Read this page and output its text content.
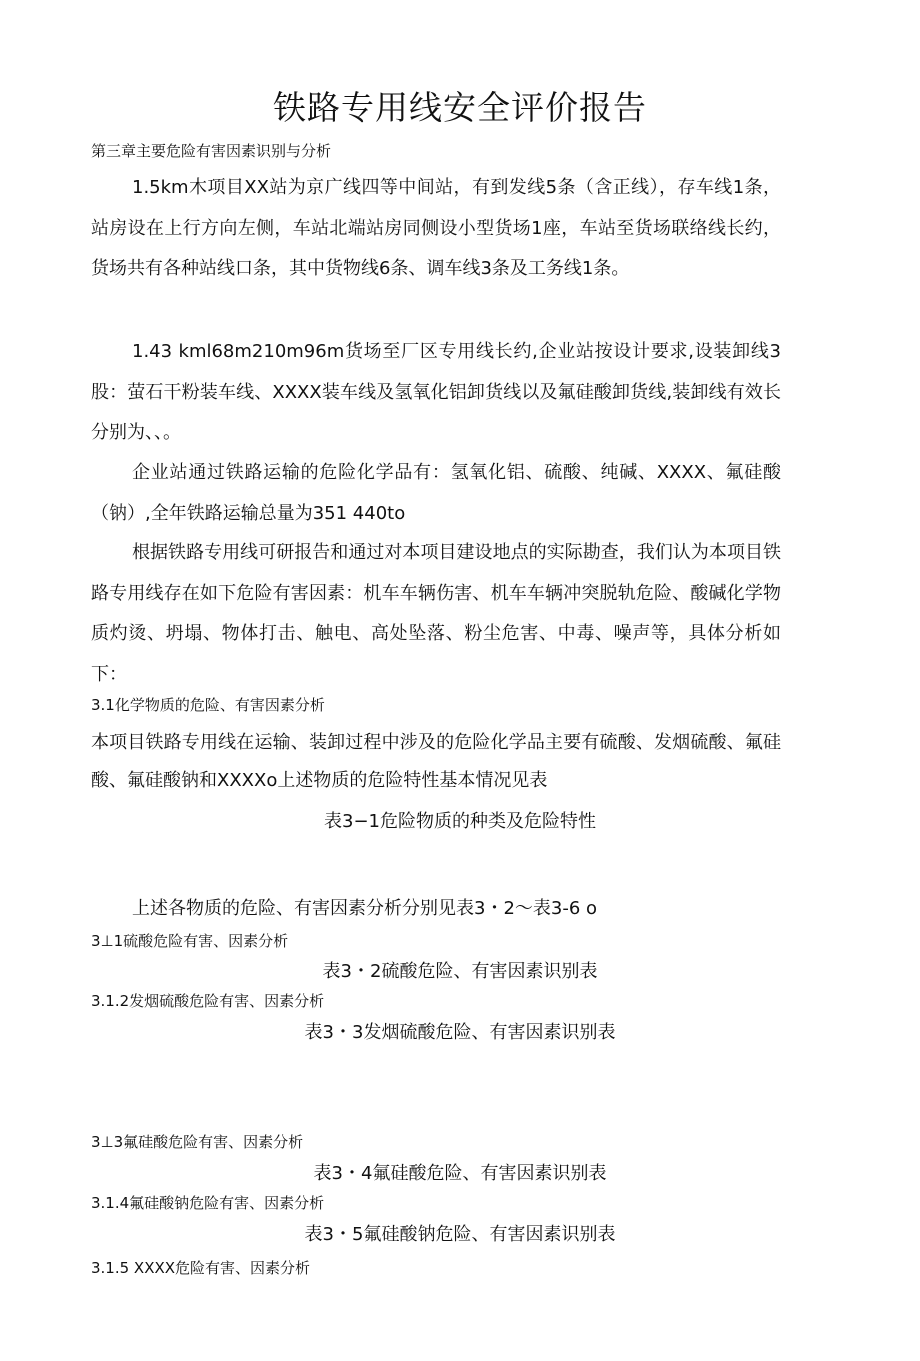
铁路专用线安全评价报告

第三章主要危险有害因素识别与分析

1.5km木项目XX站为京广线四等中间站，有到发线5条（含正线），存车线1条，站房设在上行方向左侧，车站北端站房同侧设小型货场1座，车站至货场联络线长约，货场共有各种站线口条，其中货物线6条、调车线3条及工务线1条。

1.43 kml68m210m96m货场至厂区专用线长约,企业站按设计要求,设装卸线3股：萤石干粉装车线、XXXX装车线及氢氧化铝卸货线以及氟硅酸卸货线,装卸线有效长分别为、、。

企业站通过铁路运输的危险化学品有：氢氧化铝、硫酸、纯碱、XXXX、氟硅酸（钠）,全年铁路运输总量为351 440to

根据铁路专用线可研报告和通过对本项目建设地点的实际勘查，我们认为本项目铁路专用线存在如下危险有害因素：机车车辆伤害、机车车辆冲突脱轨危险、酸碱化学物质灼烫、坍塌、物体打击、触电、高处坠落、粉尘危害、中毒、噪声等，具体分析如下：

3.1化学物质的危险、有害因素分析

本项目铁路专用线在运输、装卸过程中涉及的危险化学品主要有硫酸、发烟硫酸、氟硅酸、氟硅酸钠和XXXXo上述物质的危险特性基本情况见表

表3−1危险物质的种类及危险特性

上述各物质的危险、有害因素分析分别见表3・2〜表3-6 o

3⊥1硫酸危险有害、因素分析

表3・2硫酸危险、有害因素识别表

3.1.2发烟硫酸危险有害、因素分析

表3・3发烟硫酸危险、有害因素识别表

3⊥3氟硅酸危险有害、因素分析

表3・4氟硅酸危险、有害因素识别表

3.1.4氟硅酸钠危险有害、因素分析

表3・5氟硅酸钠危险、有害因素识别表

3.1.5 XXXX危险有害、因素分析
